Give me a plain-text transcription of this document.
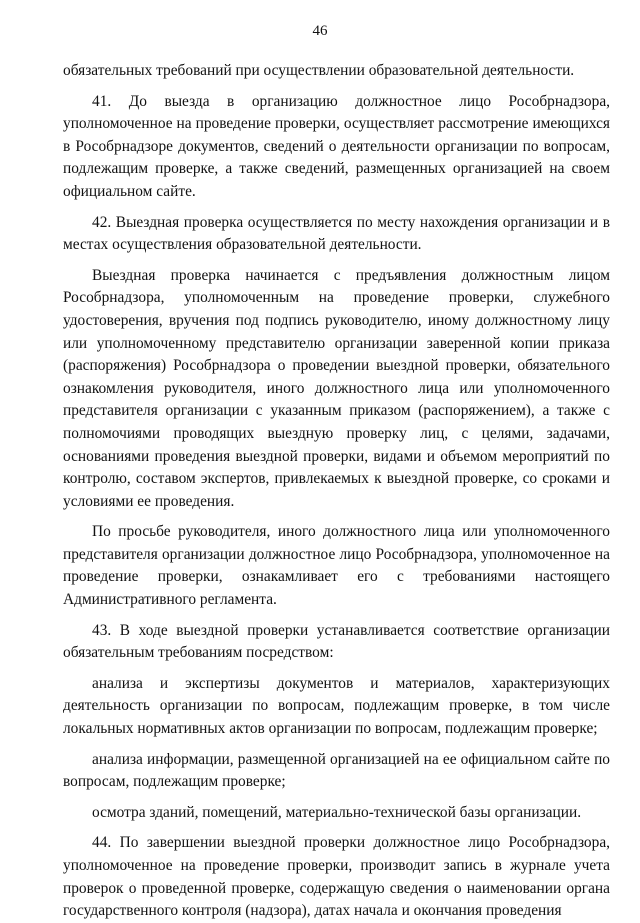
46

обязательных требований при осуществлении образовательной деятельности.

41. До выезда в организацию должностное лицо Рособрнадзора, уполномоченное на проведение проверки, осуществляет рассмотрение имеющихся в Рособрнадзоре документов, сведений о деятельности организации по вопросам, подлежащим проверке, а также сведений, размещенных организацией на своем официальном сайте.

42. Выездная проверка осуществляется по месту нахождения организации и в местах осуществления образовательной деятельности.

Выездная проверка начинается с предъявления должностным лицом Рособрнадзора, уполномоченным на проведение проверки, служебного удостоверения, вручения под подпись руководителю, иному должностному лицу или уполномоченному представителю организации заверенной копии приказа (распоряжения) Рособрнадзора о проведении выездной проверки, обязательного ознакомления руководителя, иного должностного лица или уполномоченного представителя организации с указанным приказом (распоряжением), а также с полномочиями проводящих выездную проверку лиц, с целями, задачами, основаниями проведения выездной проверки, видами и объемом мероприятий по контролю, составом экспертов, привлекаемых к выездной проверке, со сроками и условиями ее проведения.

По просьбе руководителя, иного должностного лица или уполномоченного представителя организации должностное лицо Рособрнадзора, уполномоченное на проведение проверки, ознакамливает его с требованиями настоящего Административного регламента.

43. В ходе выездной проверки устанавливается соответствие организации обязательным требованиям посредством:

анализа и экспертизы документов и материалов, характеризующих деятельность организации по вопросам, подлежащим проверке, в том числе локальных нормативных актов организации по вопросам, подлежащим проверке;

анализа информации, размещенной организацией на ее официальном сайте по вопросам, подлежащим проверке;

осмотра зданий, помещений, материально-технической базы организации.

44. По завершении выездной проверки должностное лицо Рособрнадзора, уполномоченное на проведение проверки, производит запись в журнале учета проверок о проведенной проверке, содержащую сведения о наименовании органа государственного контроля (надзора), датах начала и окончания проведения
